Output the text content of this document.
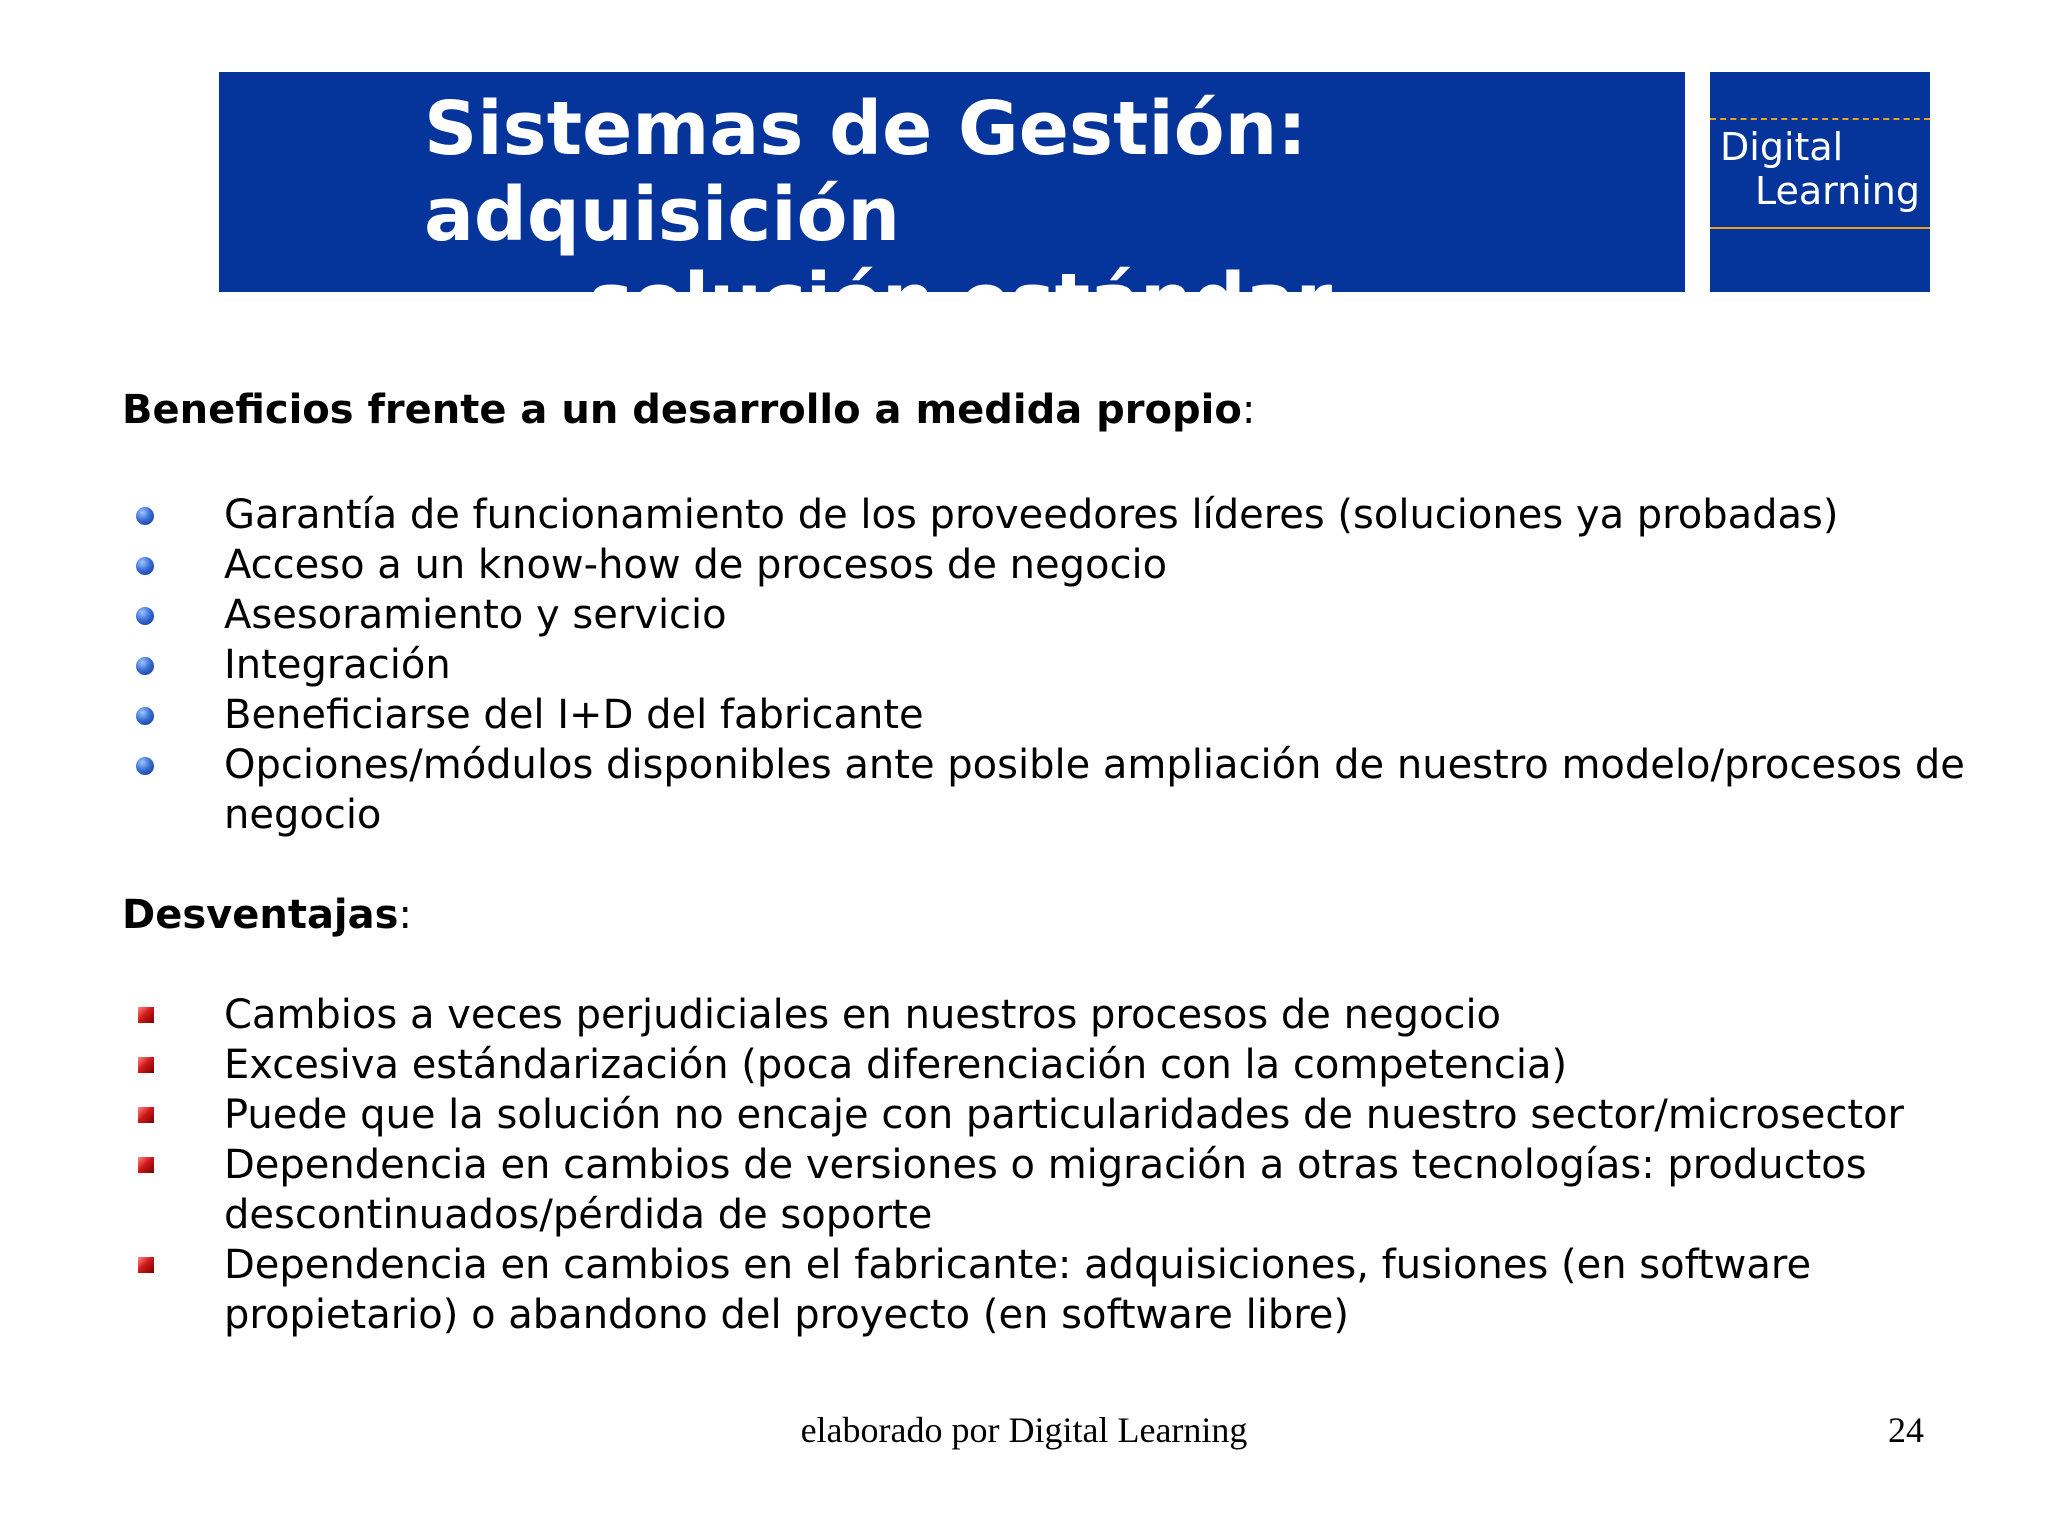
Sistemas de Gestión: adquisición
solución estándar
Digital
Learning
Beneficios frente a un desarrollo a medida propio:
Garantía de funcionamiento de los proveedores líderes (soluciones ya probadas)
Acceso a un know-how de procesos de negocio
Asesoramiento y servicio
Integración
Beneficiarse del I+D del fabricante
Opciones/módulos disponibles ante posible ampliación de nuestro modelo/procesos de negocio
Desventajas:
Cambios a veces perjudiciales en nuestros procesos de negocio
Excesiva estándarización (poca diferenciación con la competencia)
Puede que la solución no encaje con particularidades de nuestro sector/microsector
Dependencia en cambios de versiones o migración a otras tecnologías: productos descontinuados/pérdida de soporte
Dependencia en cambios en el fabricante: adquisiciones, fusiones (en software propietario) o abandono del proyecto (en software libre)
elaborado por Digital Learning	24
